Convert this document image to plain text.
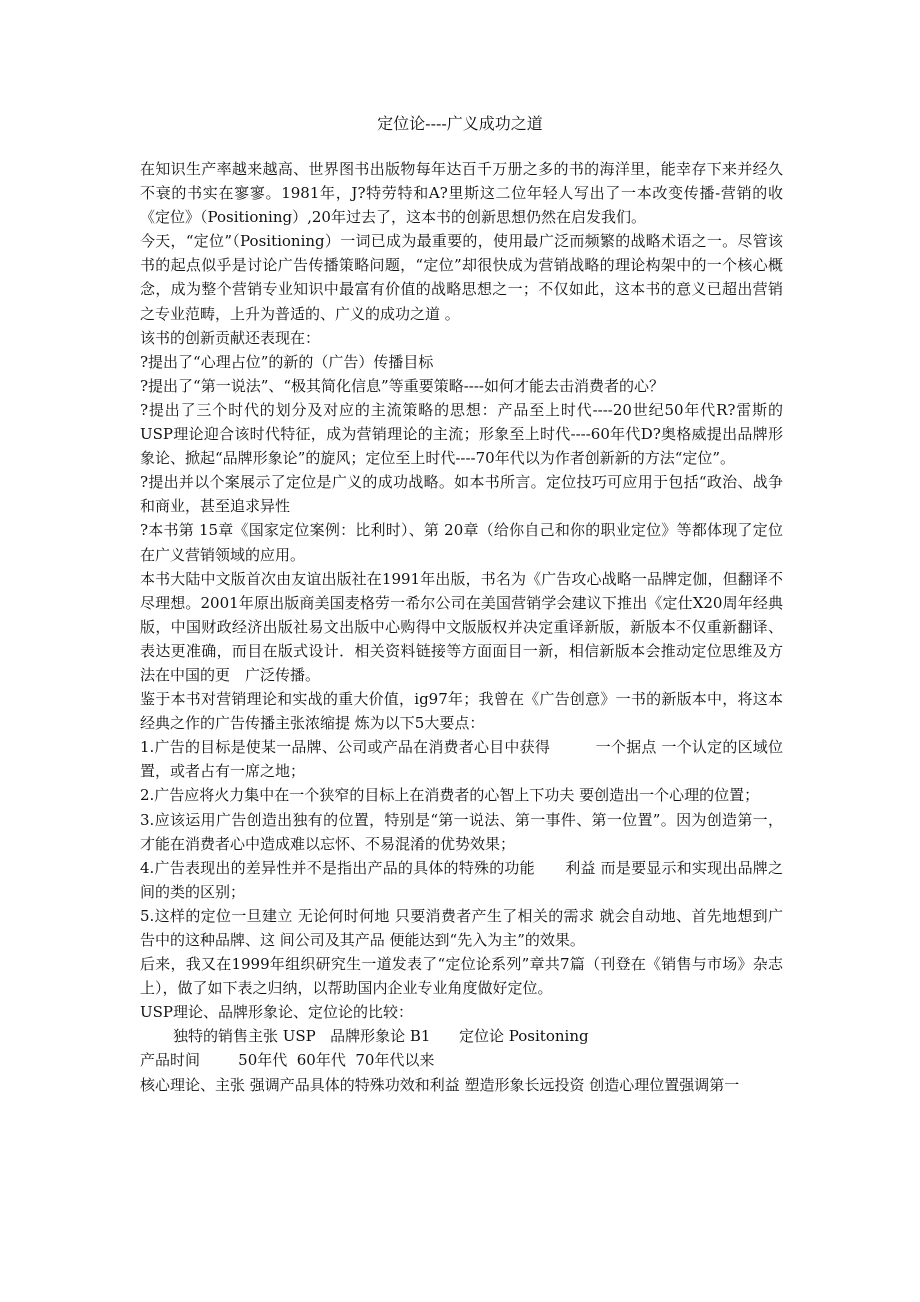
定位论----广义成功之道

在知识生产率越来越高、世界图书出版物每年达百千万册之多的书的海洋里，能幸存下来并经久不衰的书实在寥寥。1981年，J?特劳特和A?里斯这二位年轻人写出了一本改变传播-营销的收《定位》（Positioning）,20年过去了，这本书的创新思想仍然在启发我们。

今天，“定位”（Positioning）一词已成为最重要的，使用最广泛而频繁的战略术语之一。尽管该书的起点似乎是讨论广告传播策略问题，“定位”却很快成为营销战略的理论构架中的一个核心概念，成为整个营销专业知识中最富有价值的战略思想之一；不仅如此，这本书的意义已超出营销之专业范畴，上升为普适的、广义的成功之道 。

该书的创新贡献还表现在：

?提出了“心理占位”的新的（广告）传播目标

?提出了“第一说法”、“极其简化信息”等重要策略----如何才能去击消费者的心？

?提出了三个时代的划分及对应的主流策略的思想：产品至上时代----20世纪50年代R?雷斯的USP理论迎合该时代特征，成为营销理论的主流；形象至上时代----60年代D?奥格威提出品牌形象论、掀起“品牌形象论”的旋风；定位至上时代----70年代以为作者创新新的方法“定位”。

?提出并以个案展示了定位是广义的成功战略。如本书所言。定位技巧可应用于包括“政治、战争和商业，甚至追求异性

?本书第 15章《国家定位案例：比利时）、第 20章（给你自己和你的职业定位》等都体现了定位在广义营销领域的应用。

本书大陆中文版首次由友谊出版社在1991年出版，书名为《广告攻心战略一品牌定伽，但翻译不尽理想。2001年原出版商美国麦格劳一希尔公司在美国营销学会建议下推出《定仕X20周年经典版，中国财政经济出版社易文出版中心购得中文版版权并决定重译新版，新版本不仅重新翻译、表达更准确，而目在版式设计．相关资料链接等方面面目一新，相信新版本会推动定位思维及方法在中国的更　广泛传播。

鉴于本书对营销理论和实战的重大价值，ig97年；我曾在《广告创意》一书的新版本中，将这本经典之作的广告传播主张浓缩提 炼为以下5大要点：

1.广告的目标是使某一品牌、公司或产品在消费者心目中获得　　　一个据点 一个认定的区域位置，或者占有一席之地；

2.广告应将火力集中在一个狭窄的目标上在消费者的心智上下功夫 要创造出一个心理的位置；

3.应该运用广告创造出独有的位置，特别是“第一说法、第一事件、第一位置”。因为创造第一，才能在消费者心中造成难以忘怀、不易混淆的优势效果；

4.广告表现出的差异性并不是指出产品的具体的特殊的功能　　利益 而是要显示和实现出品牌之间的类的区别；

5.这样的定位一旦建立 无论何时何地 只要消费者产生了相关的需求 就会自动地、首先地想到广告中的这种品牌、这 间公司及其产品 便能达到“先入为主”的效果。

后来，我又在1999年组织研究生一道发表了“定位论系列”章共7篇（刊登在《销售与市场》杂志上），做了如下表之归纳，以帮助国内企业专业角度做好定位。

USP理论、品牌形象论、定位论的比较：

独特的销售主张 USP   品牌形象论 B1      定位论 Positoning

产品时间        50年代  60年代  70年代以来

核心理论、主张 强调产品具体的特殊功效和利益 塑造形象长远投资 创造心理位置强调第一
